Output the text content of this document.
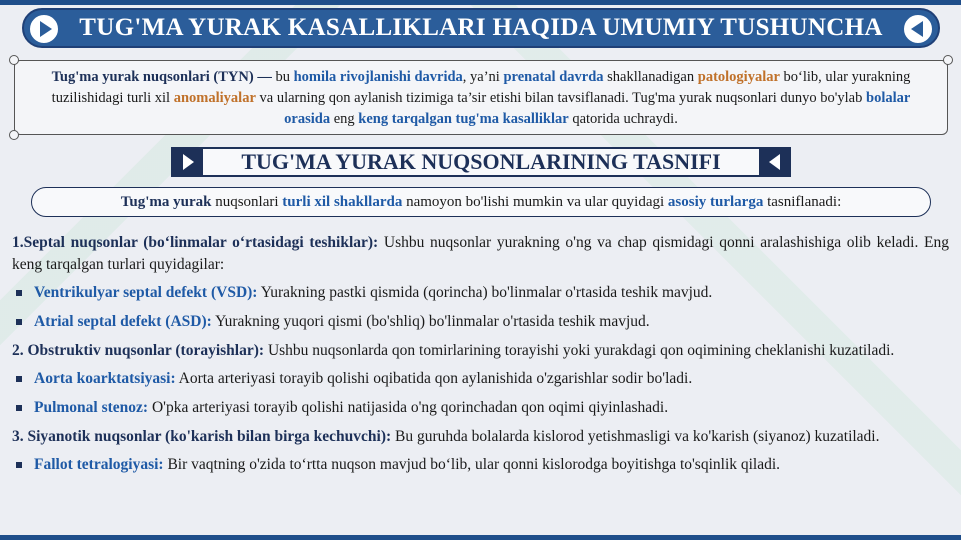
TUG'MA YURAK KASALLIKLARI HAQIDA UMUMIY TUSHUNCHA

Tug'ma yurak nuqsonlari (TYN) — bu homila rivojlanishi davrida, ya’ni prenatal davrda shakllanadigan patologiyalar bo‘lib, ular yurakning tuzilishidagi turli xil anomaliyalar va ularning qon aylanish tizimiga ta’sir etishi bilan tavsiflanadi. Tug'ma yurak nuqsonlari dunyo bo'ylab bolalar orasida eng keng tarqalgan tug'ma kasalliklar qatorida uchraydi.

TUG'MA YURAK NUQSONLARINING TASNIFI

Tug'ma yurak nuqsonlari turli xil shakllarda namoyon bo'lishi mumkin va ular quyidagi asosiy turlarga tasniflanadi:

1.Septal nuqsonlar (bo‘linmalar o‘rtasidagi teshiklar): Ushbu nuqsonlar yurakning o'ng va chap qismidagi qonni aralashishiga olib keladi. Eng keng tarqalgan turlari quyidagilar:

Ventrikulyar septal defekt (VSD): Yurakning pastki qismida (qorincha) bo'linmalar o'rtasida teshik mavjud.

Atrial septal defekt (ASD): Yurakning yuqori qismi (bo'shliq) bo'linmalar o'rtasida teshik mavjud.

2. Obstruktiv nuqsonlar (torayishlar): Ushbu nuqsonlarda qon tomirlarining torayishi yoki yurakdagi qon oqimining cheklanishi kuzatiladi.

Aorta koarktatsiyasi: Aorta arteriyasi torayib qolishi oqibatida qon aylanishida o'zgarishlar sodir bo'ladi.

Pulmonal stenoz: O'pka arteriyasi torayib qolishi natijasida o'ng qorinchadan qon oqimi qiyinlashadi.

3. Siyanotik nuqsonlar (ko'karish bilan birga kechuvchi): Bu guruhda bolalarda kislorod yetishmasligi va ko'karish (siyanoz) kuzatiladi.

Fallot tetralogiyasi: Bir vaqtning o'zida to‘rtta nuqson mavjud bo‘lib, ular qonni kislorodga boyitishga to'sqinlik qiladi.
